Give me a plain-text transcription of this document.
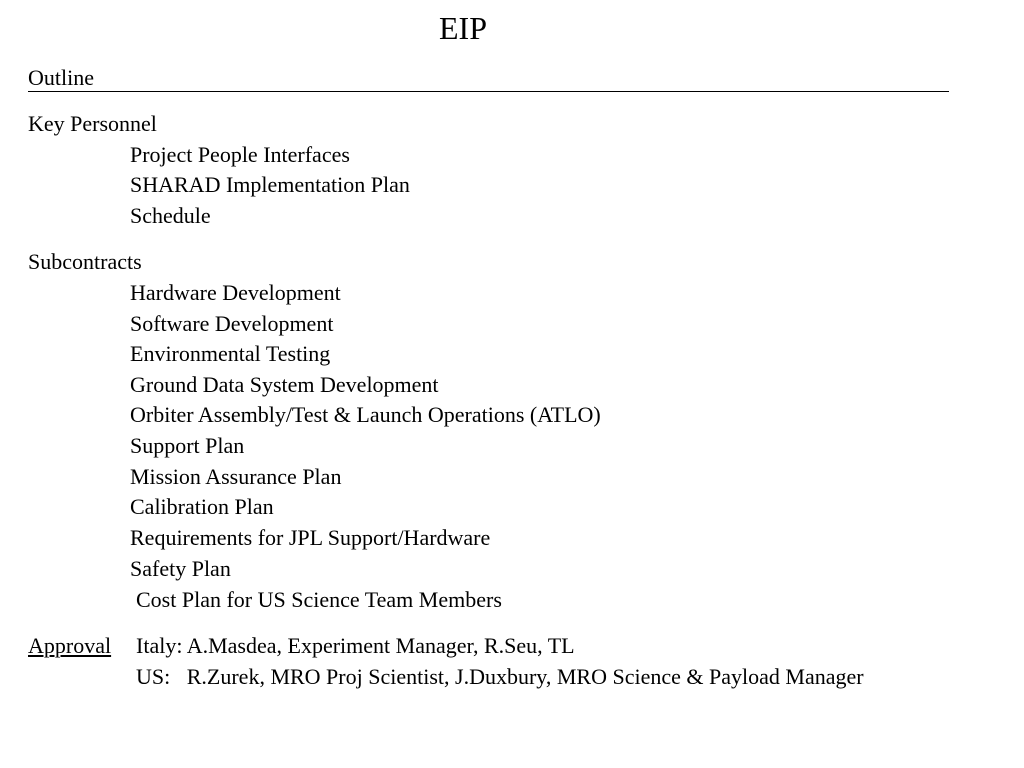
EIP
Outline
Key Personnel
Project People Interfaces
SHARAD Implementation Plan
Schedule
Subcontracts
Hardware Development
Software Development
Environmental Testing
Ground Data System Development
Orbiter Assembly/Test & Launch Operations (ATLO)
Support Plan
Mission Assurance Plan
Calibration Plan
Requirements for JPL Support/Hardware
Safety Plan
Cost Plan for US Science Team Members
Approval Italy: A.Masdea, Experiment Manager, R.Seu, TL
US:   R.Zurek, MRO Proj Scientist, J.Duxbury, MRO Science & Payload Manager
